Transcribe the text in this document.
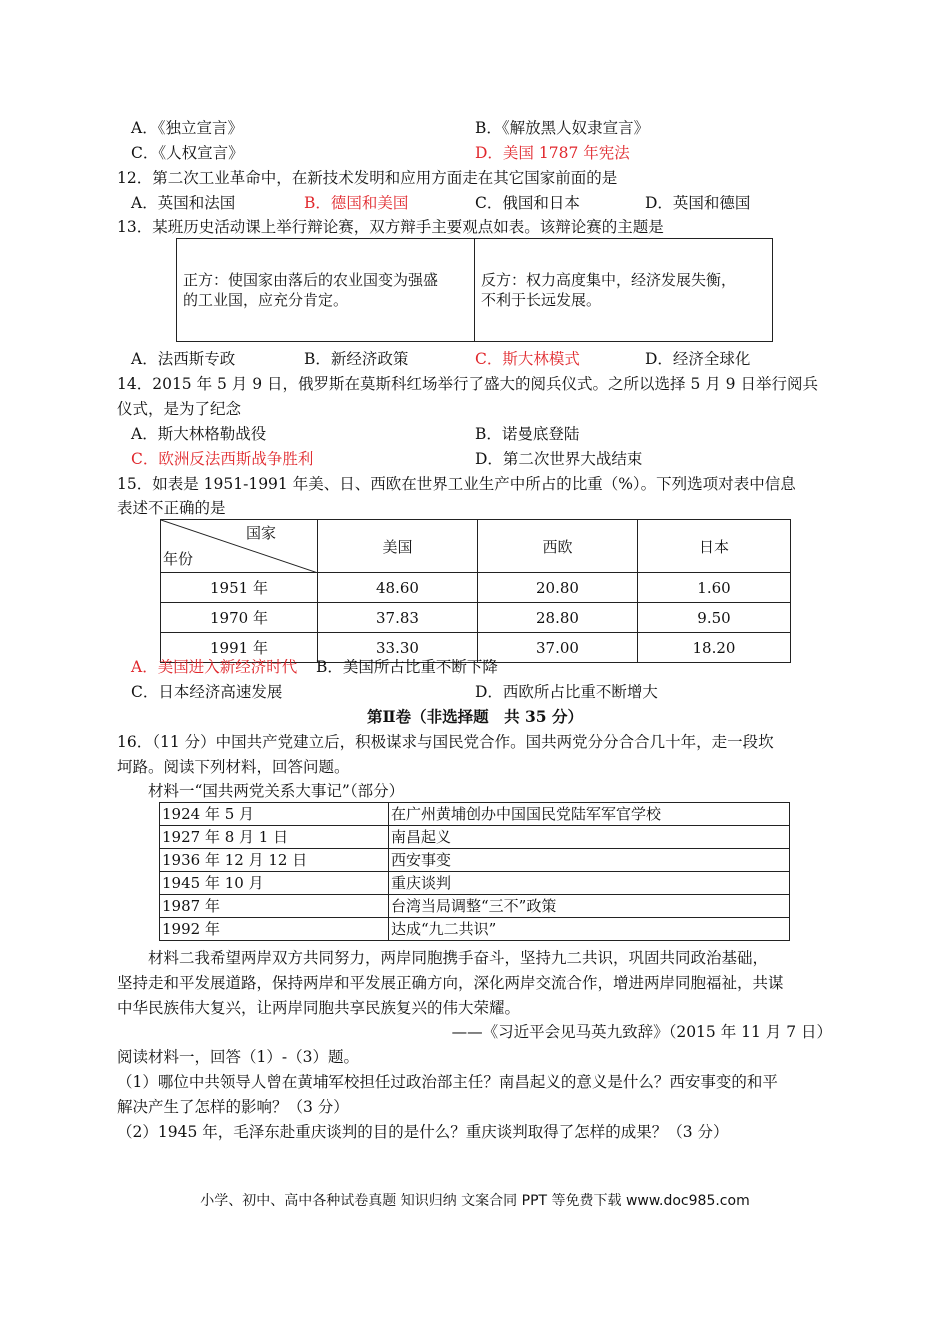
A．《独立宣言》	B．《解放黑人奴隶宣言》
C．《人权宣言》	D．美国 1787 年宪法
12．第二次工业革命中，在新技术发明和应用方面走在其它国家前面的是
A．英国和法国	B．德国和美国	C．俄国和日本	D．英国和德国
13．某班历史活动课上举行辩论赛，双方辩手主要观点如表。该辩论赛的主题是
正方：使国家由落后的农业国变为强盛
的工业国，应充分肯定。

反方：权力高度集中，经济发展失衡，
不利于长远发展。
A．法西斯专政	B．新经济政策	C．斯大林模式	D．经济全球化
14．2015 年 5 月 9 日，俄罗斯在莫斯科红场举行了盛大的阅兵仪式。之所以选择 5 月 9 日举行阅兵
仪式，是为了纪念
A．斯大林格勒战役	B．诺曼底登陆
C．欧洲反法西斯战争胜利	D．第二次世界大战结束
15．如表是 1951-1991 年美、日、西欧在世界工业生产中所占的比重（%）。下列选项对表中信息
表述不正确的是
国家
年份	美国	西欧	日本
1951 年	48.60	20.80	1.60
1970 年	37.83	28.80	9.50
1991 年	33.30	37.00	18.20
A．美国进入新经济时代 B．美国所占比重不断下降
C．日本经济高速发展	D．西欧所占比重不断增大
第Ⅱ卷（非选择题　共 35 分）
16．（11 分）中国共产党建立后，积极谋求与国民党合作。国共两党分分合合几十年，走一段坎
坷路。阅读下列材料，回答问题。
材料一“国共两党关系大事记”（部分）
1924 年 5 月	在广州黄埔创办中国国民党陆军军官学校
1927 年 8 月 1 日	南昌起义
1936 年 12 月 12 日	西安事变
1945 年 10 月	重庆谈判
1987 年	台湾当局调整“三不”政策
1992 年	达成“九二共识”
材料二我希望两岸双方共同努力，两岸同胞携手奋斗，坚持九二共识，巩固共同政治基础，
坚持走和平发展道路，保持两岸和平发展正确方向，深化两岸交流合作，增进两岸同胞福祉，共谋
中华民族伟大复兴，让两岸同胞共享民族复兴的伟大荣耀。
——《习近平会见马英九致辞》（2015 年 11 月 7 日）
阅读材料一，回答（1）-（3）题。
（1）哪位中共领导人曾在黄埔军校担任过政治部主任？南昌起义的意义是什么？西安事变的和平
解决产生了怎样的影响？（3 分）
（2）1945 年，毛泽东赴重庆谈判的目的是什么？重庆谈判取得了怎样的成果？（3 分）
小学、初中、高中各种试卷真题 知识归纳 文案合同 PPT 等免费下载 www.doc985.com
